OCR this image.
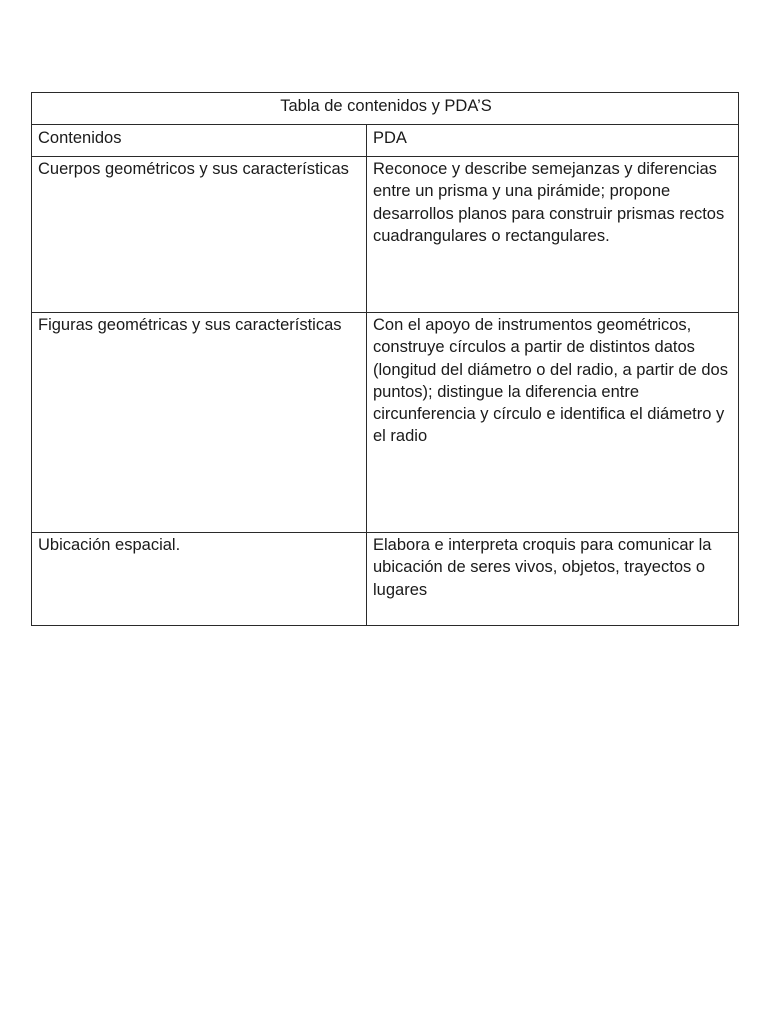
Tabla de contenidos y PDA’S	
Contenidos	PDA
Cuerpos geométricos y sus características	Reconoce y describe semejanzas y diferencias entre un prisma y una pirámide; propone desarrollos planos para construir prismas rectos cuadrangulares o rectangulares.
Figuras geométricas y sus características	Con el apoyo de instrumentos geométricos, construye círculos a partir de distintos datos (longitud del diámetro o del radio, a partir de dos puntos); distingue la diferencia entre circunferencia y círculo e identifica el diámetro y el radio
Ubicación espacial.	Elabora e interpreta croquis para comunicar la ubicación de seres vivos, objetos, trayectos o lugares
